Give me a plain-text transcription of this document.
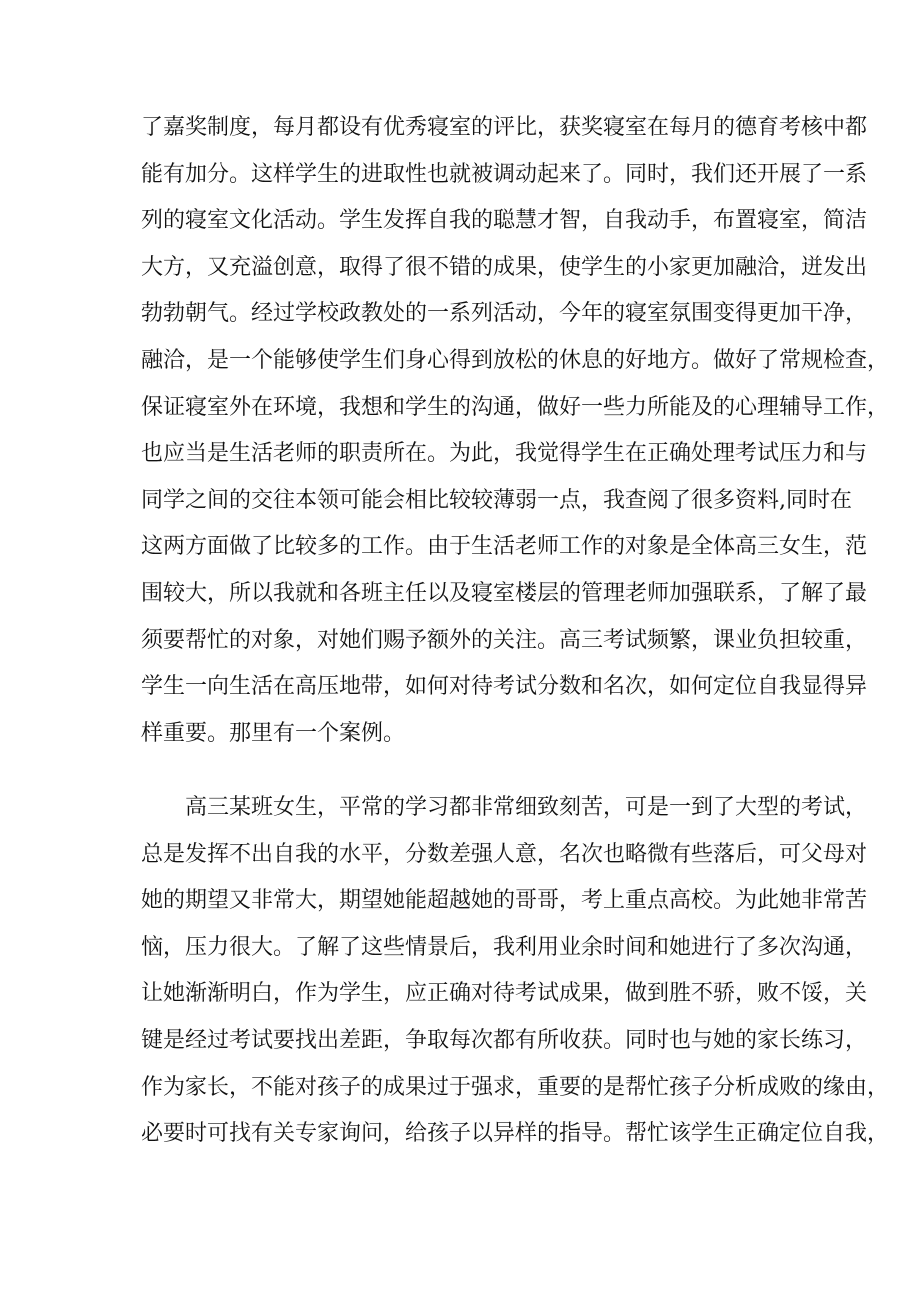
了嘉奖制度，每月都设有优秀寝室的评比，获奖寝室在每月的德育考核中都
能有加分。这样学生的进取性也就被调动起来了。同时，我们还开展了一系
列的寝室文化活动。学生发挥自我的聪慧才智，自我动手，布置寝室，简洁
大方，又充溢创意，取得了很不错的成果，使学生的小家更加融洽，迸发出
勃勃朝气。经过学校政教处的一系列活动，今年的寝室氛围变得更加干净，
融洽，是一个能够使学生们身心得到放松的休息的好地方。做好了常规检查，
保证寝室外在环境，我想和学生的沟通，做好一些力所能及的心理辅导工作，
也应当是生活老师的职责所在。为此，我觉得学生在正确处理考试压力和与
同学之间的交往本领可能会相比较较薄弱一点，我查阅了很多资料,同时在
这两方面做了比较多的工作。由于生活老师工作的对象是全体高三女生，范
围较大，所以我就和各班主任以及寝室楼层的管理老师加强联系，了解了最
须要帮忙的对象，对她们赐予额外的关注。高三考试频繁，课业负担较重，
学生一向生活在高压地带，如何对待考试分数和名次，如何定位自我显得异
样重要。那里有一个案例。
高三某班女生，平常的学习都非常细致刻苦，可是一到了大型的考试，
总是发挥不出自我的水平，分数差强人意，名次也略微有些落后，可父母对
她的期望又非常大，期望她能超越她的哥哥，考上重点高校。为此她非常苦
恼，压力很大。了解了这些情景后，我利用业余时间和她进行了多次沟通，
让她渐渐明白，作为学生，应正确对待考试成果，做到胜不骄，败不馁，关
键是经过考试要找出差距，争取每次都有所收获。同时也与她的家长练习，
作为家长，不能对孩子的成果过于强求，重要的是帮忙孩子分析成败的缘由，
必要时可找有关专家询问，给孩子以异样的指导。帮忙该学生正确定位自我，
